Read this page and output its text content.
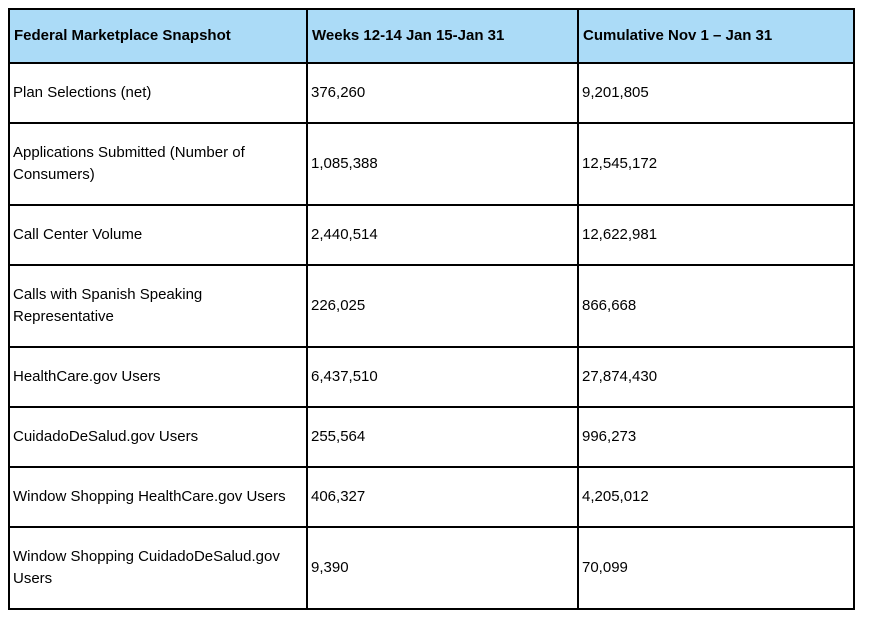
Federal Marketplace Snapshot	Weeks 12-14 Jan 15-Jan 31	Cumulative Nov 1 – Jan 31
Plan Selections (net)	376,260	9,201,805
Applications Submitted (Number of Consumers)	1,085,388	12,545,172
Call Center Volume	2,440,514	12,622,981
Calls with Spanish Speaking Representative	226,025	866,668
HealthCare.gov Users	6,437,510	27,874,430
CuidadoDeSalud.gov Users	255,564	996,273
Window Shopping HealthCare.gov Users	406,327	4,205,012
Window Shopping CuidadoDeSalud.gov Users	9,390	70,099
